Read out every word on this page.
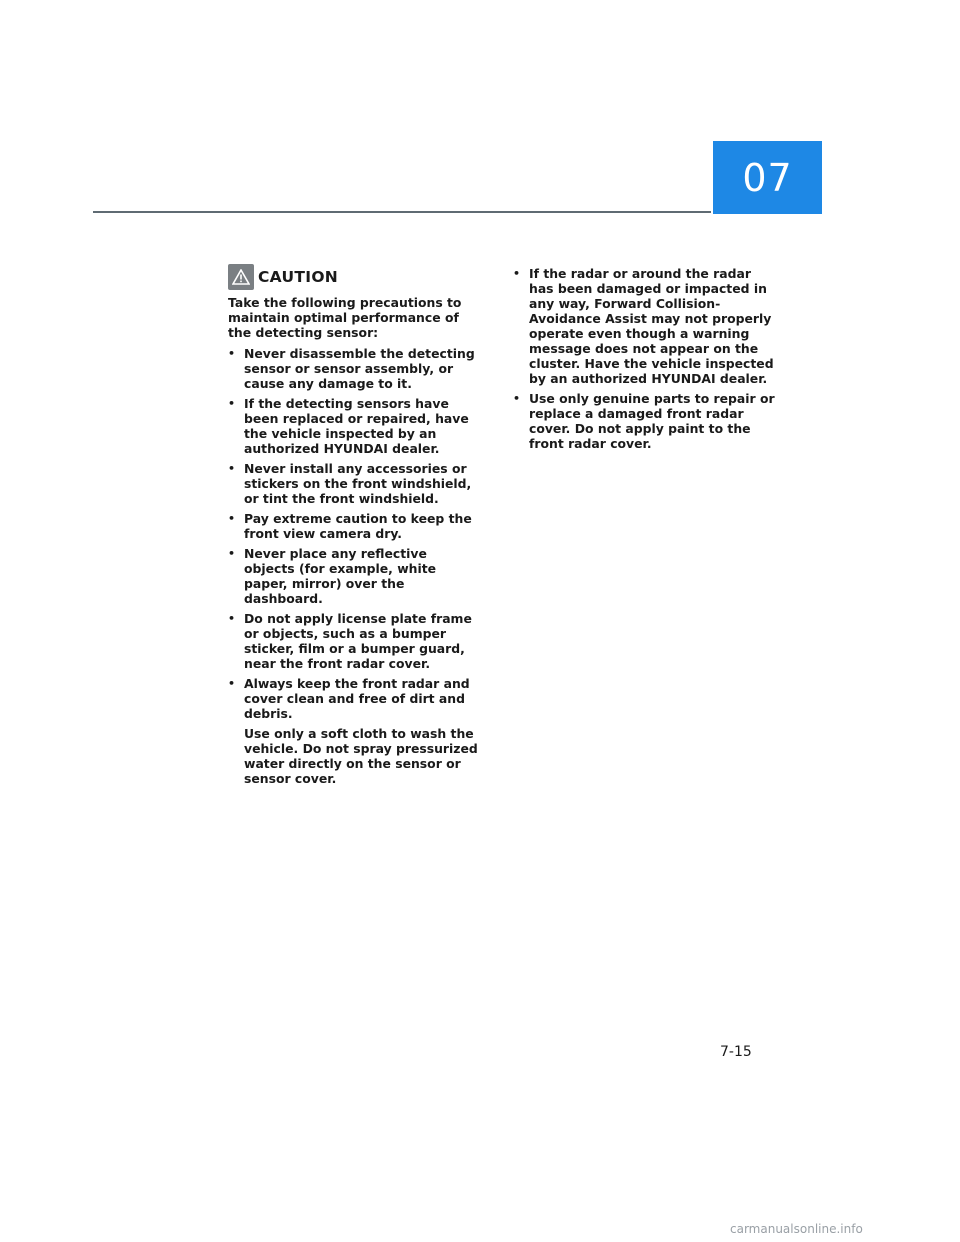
07
CAUTION

Take the following precautions to maintain optimal performance of the detecting sensor:

• Never disassemble the detecting sensor or sensor assembly, or cause any damage to it.
• If the detecting sensors have been replaced or repaired, have the vehicle inspected by an authorized HYUNDAI dealer.
• Never install any accessories or stickers on the front windshield, or tint the front windshield.
• Pay extreme caution to keep the front view camera dry.
• Never place any reflective objects (for example, white paper, mirror) over the dashboard.
• Do not apply license plate frame or objects, such as a bumper sticker, film or a bumper guard, near the front radar cover.
• Always keep the front radar and cover clean and free of dirt and debris.
Use only a soft cloth to wash the vehicle. Do not spray pressurized water directly on the sensor or sensor cover.
• If the radar or around the radar has been damaged or impacted in any way, Forward Collision-Avoidance Assist may not properly operate even though a warning message does not appear on the cluster. Have the vehicle inspected by an authorized HYUNDAI dealer.
• Use only genuine parts to repair or replace a damaged front radar cover. Do not apply paint to the front radar cover.
7-15
carmanualsonline.info
